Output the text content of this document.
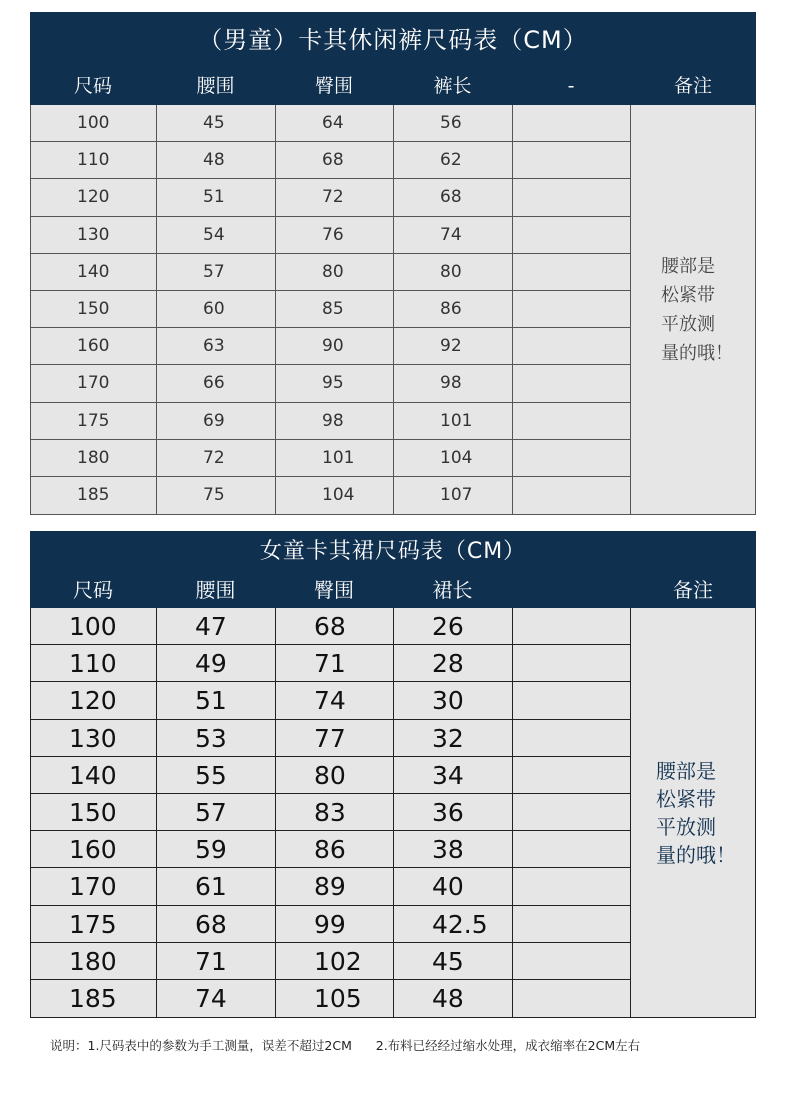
（男童）卡其休闲裤尺码表（CM）
尺码	腰围	臀围	裤长	-	备注
100	45	64	56
110	48	68	62
120	51	72	68
130	54	76	74
140	57	80	80
150	60	85	86
160	63	90	92
170	66	95	98
175	69	98	101
180	72	101	104
185	75	104	107
腰部是
松紧带
平放测
量的哦！
女童卡其裙尺码表（CM）
尺码	腰围	臀围	裙长	备注
100	47	68	26
110	49	71	28
120	51	74	30
130	53	77	32
140	55	80	34
150	57	83	36
160	59	86	38
170	61	89	40
175	68	99	42.5
180	71	102	45
185	74	105	48
腰部是
松紧带
平放测
量的哦！
说明：1.尺码表中的参数为手工测量，误差不超过2CM 2.布料已经经过缩水处理，成衣缩率在2CM左右
